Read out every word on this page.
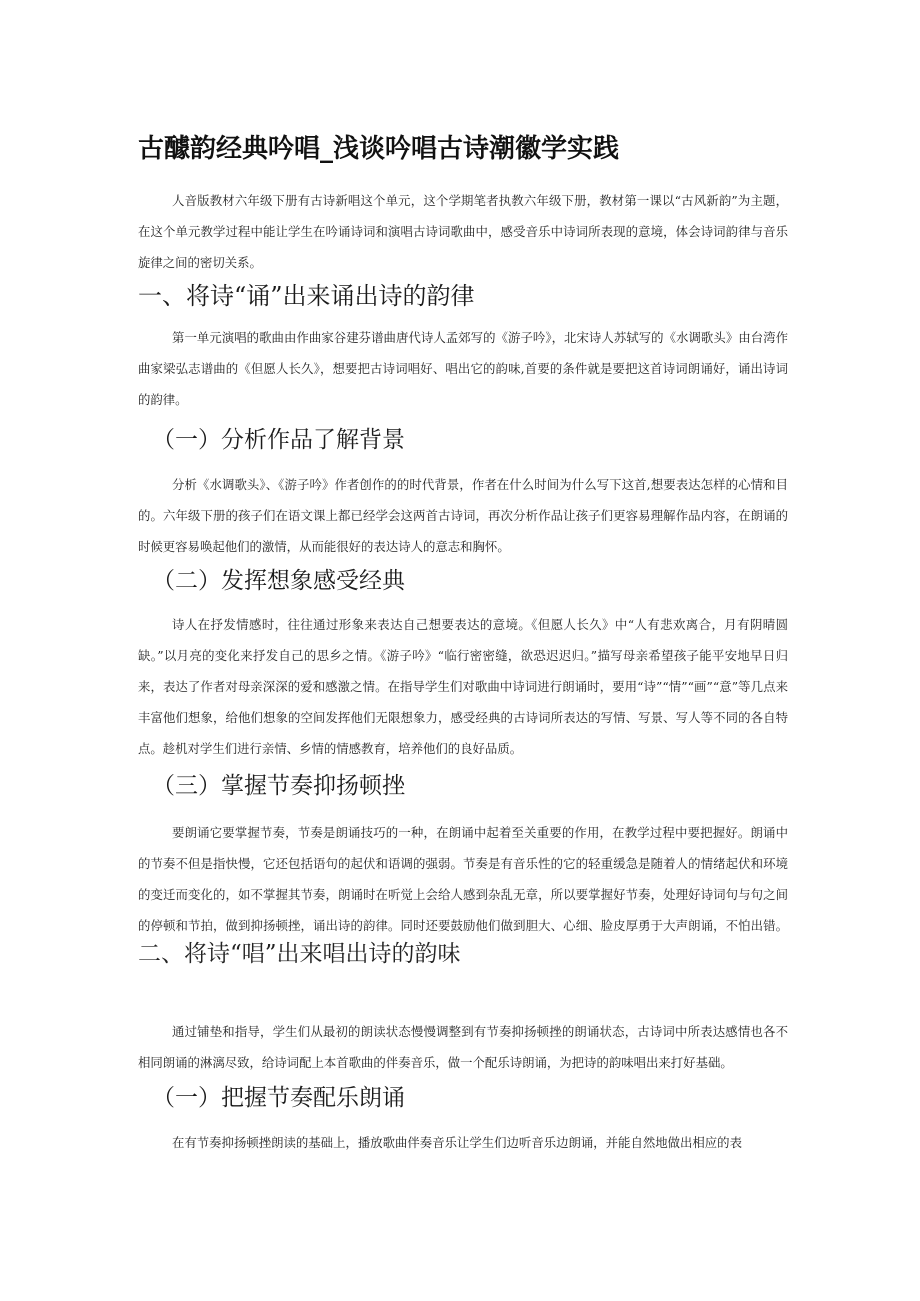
古醵韵经典吟唱_浅谈吟唱古诗潮徽学实践
人音版教材六年级下册有古诗新唱这个单元，这个学期笔者执教六年级下册，教材第一课以“古风新韵”为主题，在这个单元教学过程中能让学生在吟诵诗词和演唱古诗词歌曲中，感受音乐中诗词所表现的意境，体会诗词韵律与音乐旋律之间的密切关系。
一、将诗“诵”出来诵出诗的韵律
第一单元演唱的歌曲由作曲家谷建芬谱曲唐代诗人孟郊写的《游子吟》，北宋诗人苏轼写的《水调歌头》由台湾作曲家梁弘志谱曲的《但愿人长久》，想要把古诗词唱好、唱出它的韵味,首要的条件就是要把这首诗词朗诵好，诵出诗词的韵律。
（一）分析作品了解背景
分析《水调歌头》、《游子吟》作者创作的的时代背景，作者在什么时间为什么写下这首,想要表达怎样的心情和目的。六年级下册的孩子们在语文课上都已经学会这两首古诗词，再次分析作品让孩子们更容易理解作品内容，在朗诵的时候更容易唤起他们的激情，从而能很好的表达诗人的意志和胸怀。
（二）发挥想象感受经典
诗人在抒发情感时，往往通过形象来表达自己想要表达的意境。《但愿人长久》中“人有悲欢离合，月有阴晴圆缺。”以月亮的变化来抒发自己的思乡之情。《游子吟》“临行密密缝，欲恐迟迟归。”描写母亲希望孩子能平安地早日归来，表达了作者对母亲深深的爱和感激之情。在指导学生们对歌曲中诗词进行朗诵时，要用“诗”“情”“画”“意”等几点来丰富他们想象，给他们想象的空间发挥他们无限想象力，感受经典的古诗词所表达的写情、写景、写人等不同的各自特点。趁机对学生们进行亲情、乡情的情感教育，培养他们的良好品质。
（三）掌握节奏抑扬顿挫
要朗诵它要掌握节奏，节奏是朗诵技巧的一种，在朗诵中起着至关重要的作用，在教学过程中要把握好。朗诵中的节奏不但是指快慢，它还包括语句的起伏和语调的强弱。节奏是有音乐性的它的轻重缓急是随着人的情绪起伏和环境的变迁而变化的，如不掌握其节奏，朗诵时在听觉上会给人感到杂乱无章，所以要掌握好节奏，处理好诗词句与句之间的停顿和节拍，做到抑扬顿挫，诵出诗的韵律。同时还要鼓励他们做到胆大、心细、脸皮厚勇于大声朗诵，不怕出错。二、将诗“唱”出来唱出诗的韵味
通过铺垫和指导，学生们从最初的朗读状态慢慢调整到有节奏抑扬顿挫的朗诵状态，古诗词中所表达感情也各不相同朗诵的淋漓尽致，给诗词配上本首歌曲的伴奏音乐，做一个配乐诗朗诵，为把诗的韵味唱出来打好基础。
（一）把握节奏配乐朗诵
在有节奏抑扬顿挫朗读的基础上，播放歌曲伴奏音乐让学生们边听音乐边朗诵，并能自然地做出相应的表
